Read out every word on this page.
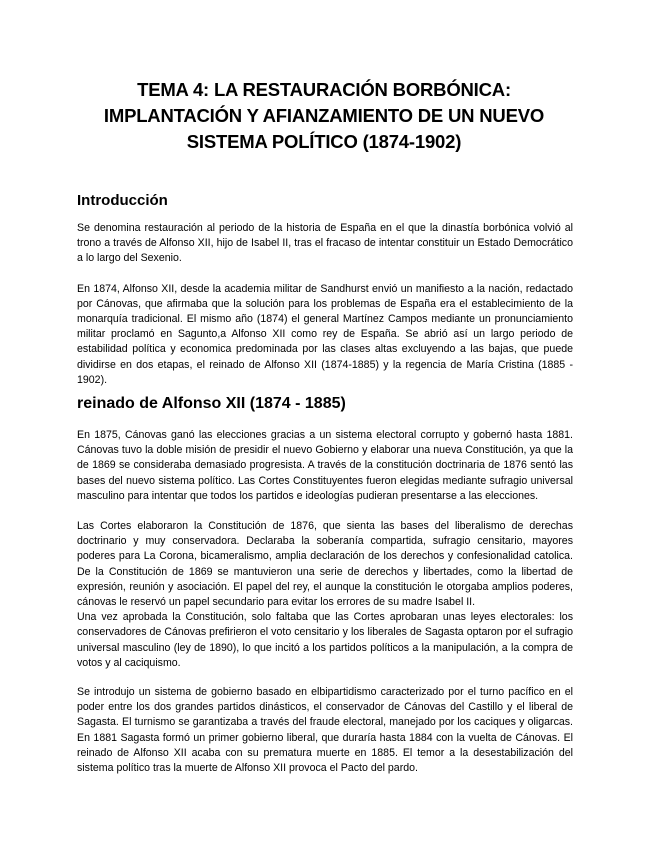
TEMA 4: LA RESTAURACIÓN BORBÓNICA:
IMPLANTACIÓN Y AFIANZAMIENTO DE UN NUEVO
SISTEMA POLÍTICO (1874-1902)
Introducción

Se denomina restauración al periodo de la historia de España en el que la dinastía borbónica volvió al trono a través de Alfonso XII, hijo de Isabel II, tras el fracaso de intentar constituir un Estado Democrático a lo largo del Sexenio.

En 1874, Alfonso XII, desde la academia militar de Sandhurst envió un manifiesto a la nación, redactado por Cánovas, que afirmaba que la solución para los problemas de España era el establecimiento de la monarquía tradicional. El mismo año (1874) el general Martínez Campos mediante un pronunciamiento militar proclamó en Sagunto,a Alfonso XII como rey de España. Se abrió así un largo periodo de estabilidad política y economica predominada por las clases altas excluyendo a las bajas, que puede dividirse en dos etapas, el reinado de Alfonso XII (1874-1885) y la regencia de María Cristina (1885 - 1902).

reinado de Alfonso XII (1874 - 1885)

En 1875, Cánovas ganó las elecciones gracias a un sistema electoral corrupto y gobernó hasta 1881. Cánovas tuvo la doble misión de presidir el nuevo Gobierno y elaborar una nueva Constitución, ya que la de 1869 se consideraba demasiado progresista. A través de la constitución doctrinaria de 1876 sentó las bases del nuevo sistema político. Las Cortes Constituyentes fueron elegidas mediante sufragio universal masculino para intentar que todos los partidos e ideologías pudieran presentarse a las elecciones.

Las Cortes elaboraron la Constitución de 1876, que sienta las bases del liberalismo de derechas doctrinario y muy conservadora. Declaraba la soberanía compartida, sufragio censitario, mayores poderes para La Corona, bicameralismo, amplia declaración de los derechos y confesionalidad catolica. De la Constitución de 1869 se mantuvieron una serie de derechos y libertades, como la libertad de expresión, reunión y asociación. El papel del rey, el aunque la constitución le otorgaba amplios poderes, cánovas le reservó un papel secundario para evitar los errores de su madre Isabel II.

Una vez aprobada la Constitución, solo faltaba que las Cortes aprobaran unas leyes electorales: los conservadores de Cánovas prefirieron el voto censitario y los liberales de Sagasta optaron por el sufragio universal masculino (ley de 1890), lo que incitó a los partidos políticos a la manipulación, a la compra de votos y al caciquismo.

Se introdujo un sistema de gobierno basado en elbipartidismo caracterizado por el turno pacífico en el poder entre los dos grandes partidos dinásticos, el conservador de Cánovas del Castillo y el liberal de Sagasta. El turnismo se garantizaba a través del fraude electoral, manejado por los caciques y oligarcas. En 1881 Sagasta formó un primer gobierno liberal, que duraría hasta 1884 con la vuelta de Cánovas. El reinado de Alfonso XII acaba con su prematura muerte en 1885. El temor a la desestabilización del sistema político tras la muerte de Alfonso XII provoca el Pacto del pardo.
